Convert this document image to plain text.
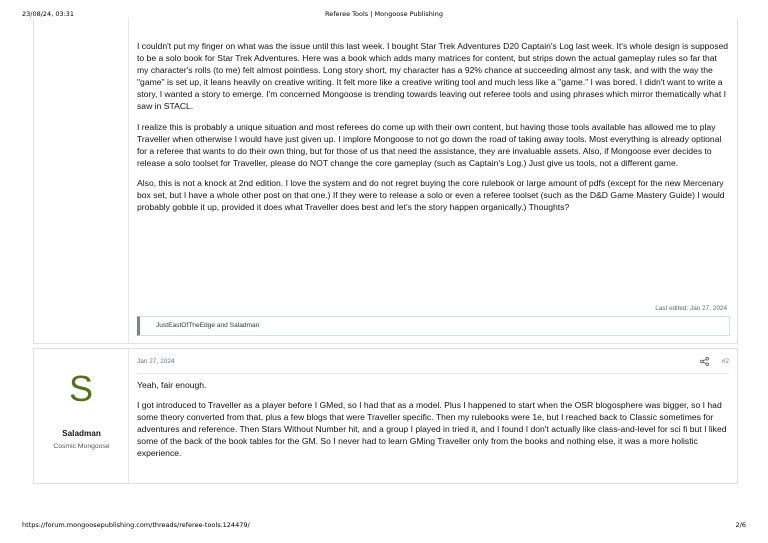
23/08/24, 03:31	Referee Tools | Mongoose Publishing

I couldn't put my finger on what was the issue until this last week. I bought Star Trek Adventures D20 Captain's Log last week. It's whole design is supposed to be a solo book for Star Trek Adventures. Here was a book which adds many matrices for content, but strips down the actual gameplay rules so far that my character's rolls (to me) felt almost pointless. Long story short, my character has a 92% chance at succeeding almost any task, and with the way the "game" is set up, it leans heavily on creative writing. It felt more like a creative writing tool and much less like a "game." I was bored. I didn't want to write a story, I wanted a story to emerge. I'm concerned Mongoose is trending towards leaving out referee tools and using phrases which mirror thematically what I saw in STACL.

I realize this is probably a unique situation and most referees do come up with their own content, but having those tools available has allowed me to play Traveller when otherwise I would have just given up. I implore Mongoose to not go down the road of taking away tools. Most everything is already optional for a referee that wants to do their own thing, but for those of us that need the assistance, they are invaluable assets. Also, if Mongoose ever decides to release a solo toolset for Traveller, please do NOT change the core gameplay (such as Captain's Log.) Just give us tools, not a different game.

Also, this is not a knock at 2nd edition. I love the system and do not regret buying the core rulebook or large amount of pdfs (except for the new Mercenary box set, but I have a whole other post on that one.) If they were to release a solo or even a referee toolset (such as the D&D Game Mastery Guide) I would probably gobble it up, provided it does what Traveller does best and let's the story happen organically.) Thoughts?

Last edited: Jan 27, 2024
JustEastOfTheEdge and Saladman
S
Saladman
Cosmic Mongoose
Jan 27, 2024	#2

Yeah, fair enough.

I got introduced to Traveller as a player before I GMed, so I had that as a model. Plus I happened to start when the OSR blogosphere was bigger, so I had some theory converted from that, plus a few blogs that were Traveller specific. Then my rulebooks were 1e, but I reached back to Classic sometimes for adventures and reference. Then Stars Without Number hit, and a group I played in tried it, and I found I don't actually like class-and-level for sci fi but I liked some of the back of the book tables for the GM. So I never had to learn GMing Traveller only from the books and nothing else, it was a more holistic experience.

https://forum.mongoosepublishing.com/threads/referee-tools.124479/	2/6
